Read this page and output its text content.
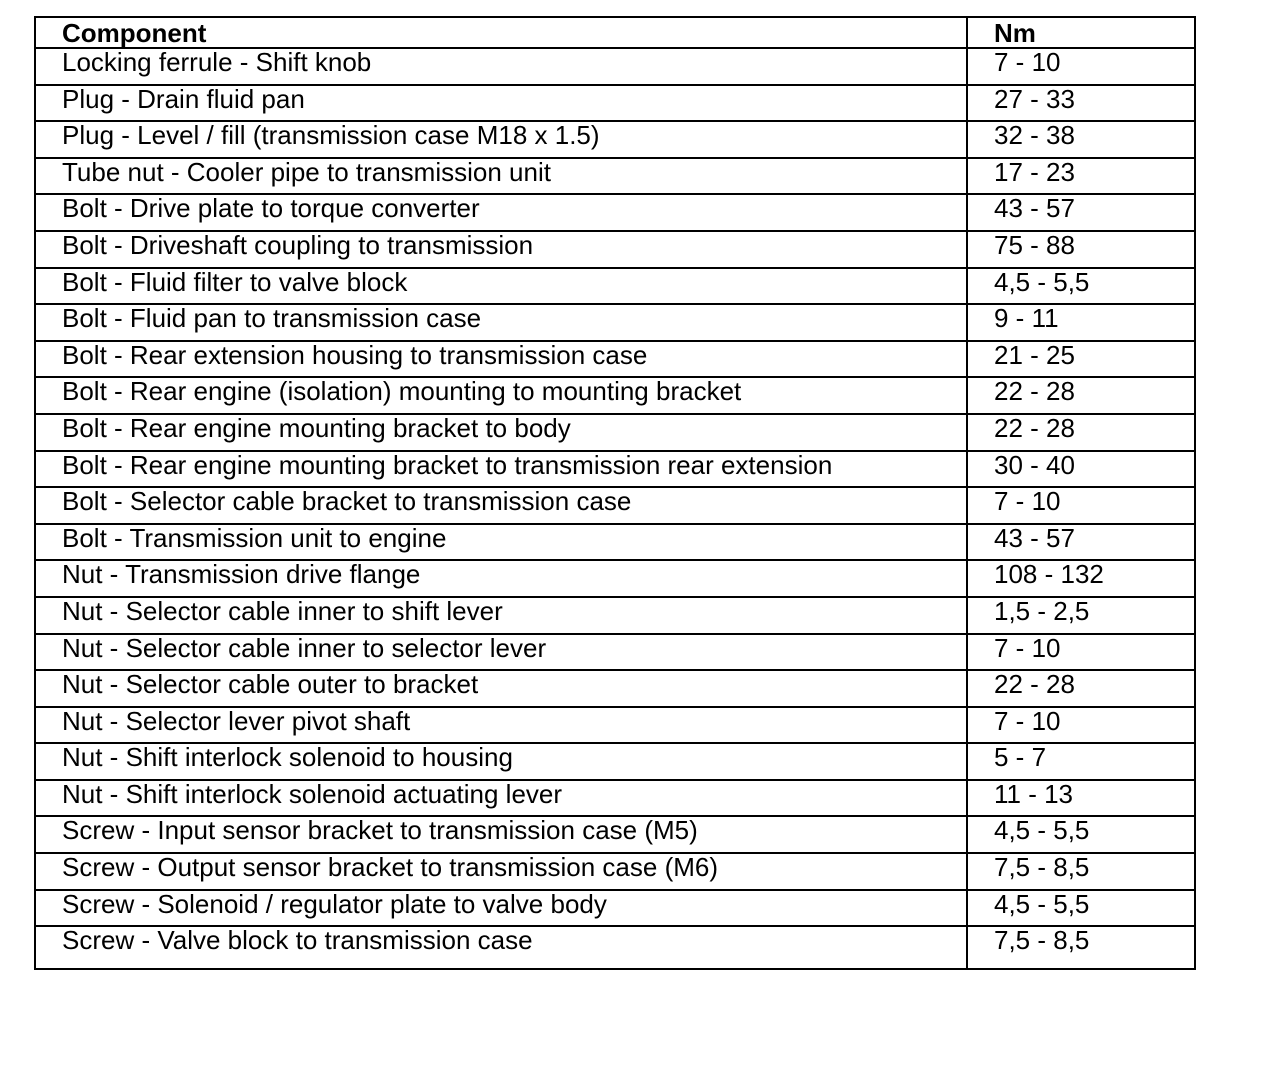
Component	Nm
Locking ferrule - Shift knob	7 - 10
Plug - Drain fluid pan	27 - 33
Plug - Level / fill (transmission case M18 x 1.5)	32 - 38
Tube nut - Cooler pipe to transmission unit	17 - 23
Bolt - Drive plate to torque converter	43 - 57
Bolt - Driveshaft coupling to transmission	75 - 88
Bolt - Fluid filter to valve block	4,5 - 5,5
Bolt - Fluid pan to transmission case	9 - 11
Bolt - Rear extension housing to transmission case	21 - 25
Bolt - Rear engine (isolation) mounting to mounting bracket	22 - 28
Bolt - Rear engine mounting bracket to body	22 - 28
Bolt - Rear engine mounting bracket to transmission rear extension	30 - 40
Bolt - Selector cable bracket to transmission case	7 - 10
Bolt - Transmission unit to engine	43 - 57
Nut - Transmission drive flange	108 - 132
Nut - Selector cable inner to shift lever	1,5 - 2,5
Nut - Selector cable inner to selector lever	7 - 10
Nut - Selector cable outer to bracket	22 - 28
Nut - Selector lever pivot shaft	7 - 10
Nut - Shift interlock solenoid to housing	5 - 7
Nut - Shift interlock solenoid actuating lever	11 - 13
Screw - Input sensor bracket to transmission case (M5)	4,5 - 5,5
Screw - Output sensor bracket to transmission case (M6)	7,5 - 8,5
Screw - Solenoid / regulator plate to valve body	4,5 - 5,5
Screw - Valve block to transmission case	7,5 - 8,5
